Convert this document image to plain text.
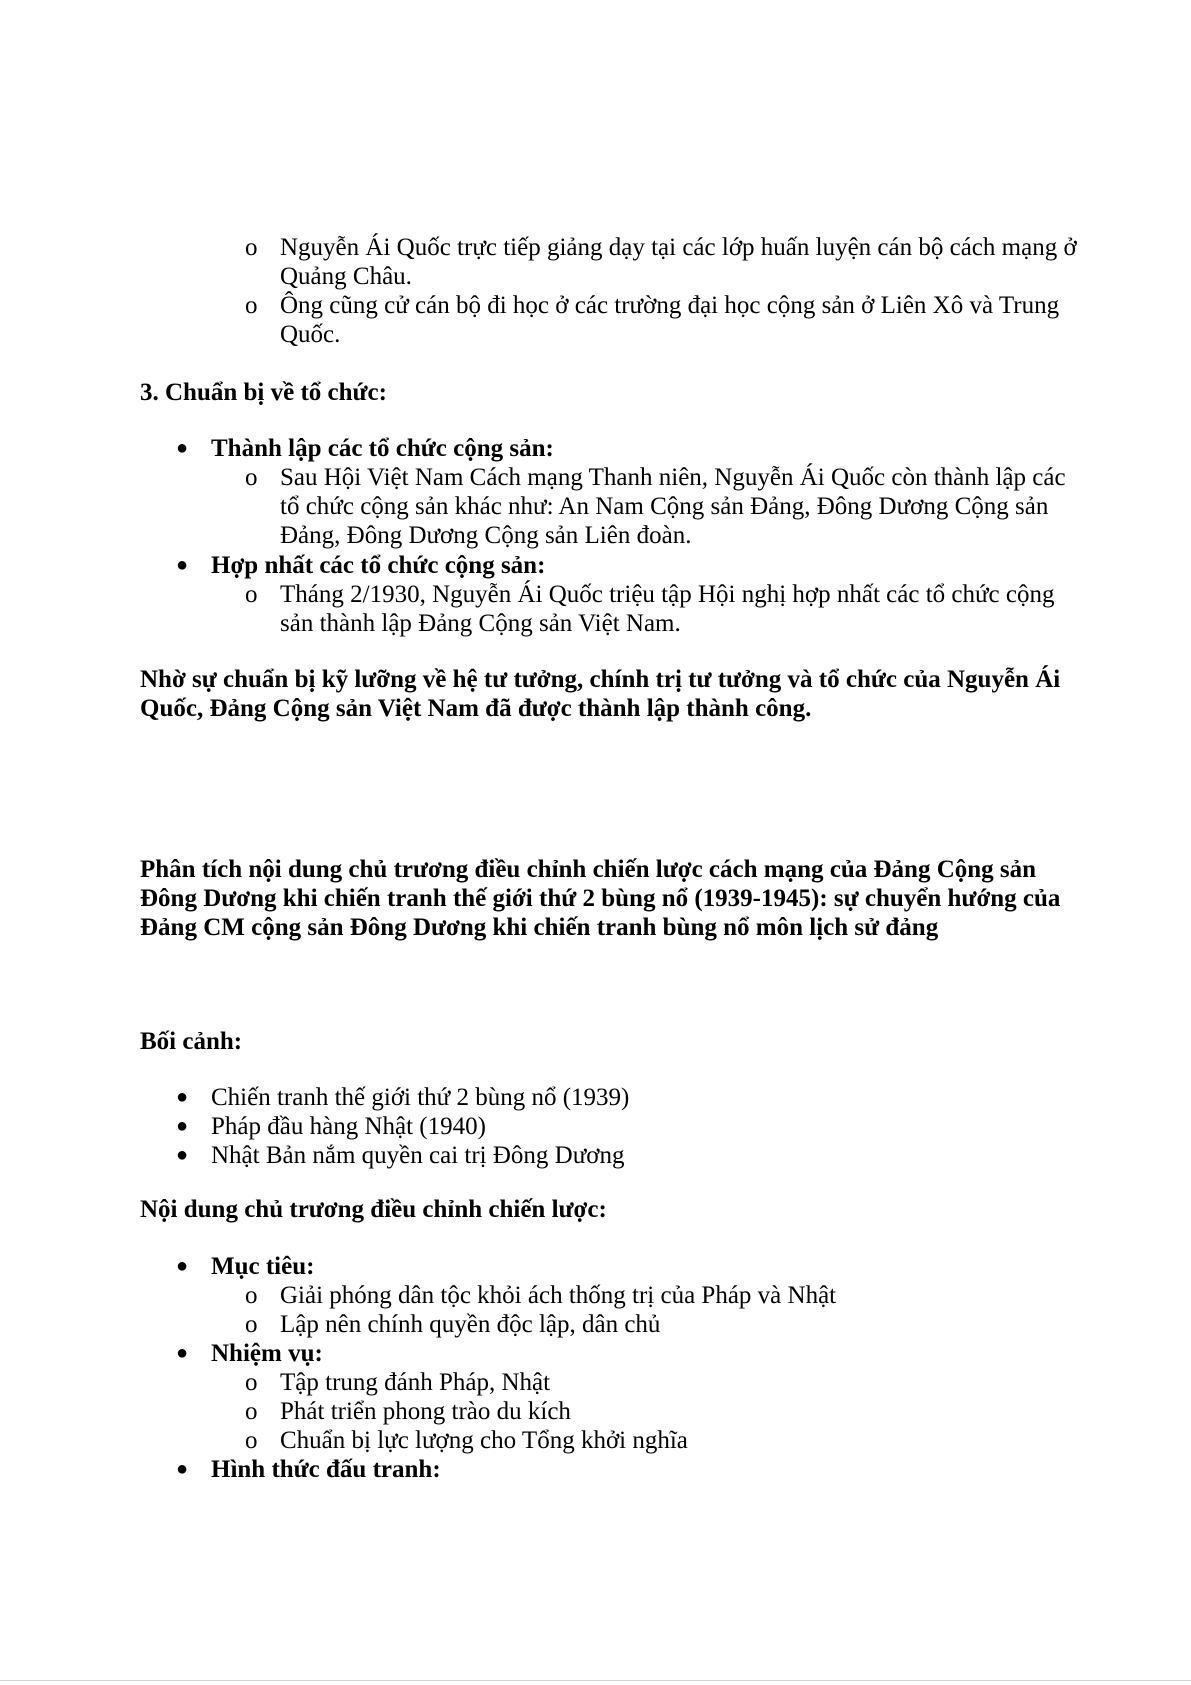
o Nguyễn Ái Quốc trực tiếp giảng dạy tại các lớp huấn luyện cán bộ cách mạng ở Quảng Châu.
o Ông cũng cử cán bộ đi học ở các trường đại học cộng sản ở Liên Xô và Trung Quốc.
3. Chuẩn bị về tổ chức:
● Thành lập các tổ chức cộng sản:
o Sau Hội Việt Nam Cách mạng Thanh niên, Nguyễn Ái Quốc còn thành lập các tổ chức cộng sản khác như: An Nam Cộng sản Đảng, Đông Dương Cộng sản Đảng, Đông Dương Cộng sản Liên đoàn.
● Hợp nhất các tổ chức cộng sản:
o Tháng 2/1930, Nguyễn Ái Quốc triệu tập Hội nghị hợp nhất các tổ chức cộng sản thành lập Đảng Cộng sản Việt Nam.
Nhờ sự chuẩn bị kỹ lưỡng về hệ tư tưởng, chính trị tư tưởng và tổ chức của Nguyễn Ái Quốc, Đảng Cộng sản Việt Nam đã được thành lập thành công.
Phân tích nội dung chủ trương điều chỉnh chiến lược cách mạng của Đảng Cộng sản Đông Dương khi chiến tranh thế giới thứ 2 bùng nổ (1939-1945): sự chuyển hướng của Đảng CM cộng sản Đông Dương khi chiến tranh bùng nổ môn lịch sử đảng
Bối cảnh:
● Chiến tranh thế giới thứ 2 bùng nổ (1939)
● Pháp đầu hàng Nhật (1940)
● Nhật Bản nắm quyền cai trị Đông Dương
Nội dung chủ trương điều chỉnh chiến lược:
● Mục tiêu:
o Giải phóng dân tộc khỏi ách thống trị của Pháp và Nhật
o Lập nên chính quyền độc lập, dân chủ
● Nhiệm vụ:
o Tập trung đánh Pháp, Nhật
o Phát triển phong trào du kích
o Chuẩn bị lực lượng cho Tổng khởi nghĩa
● Hình thức đấu tranh:
